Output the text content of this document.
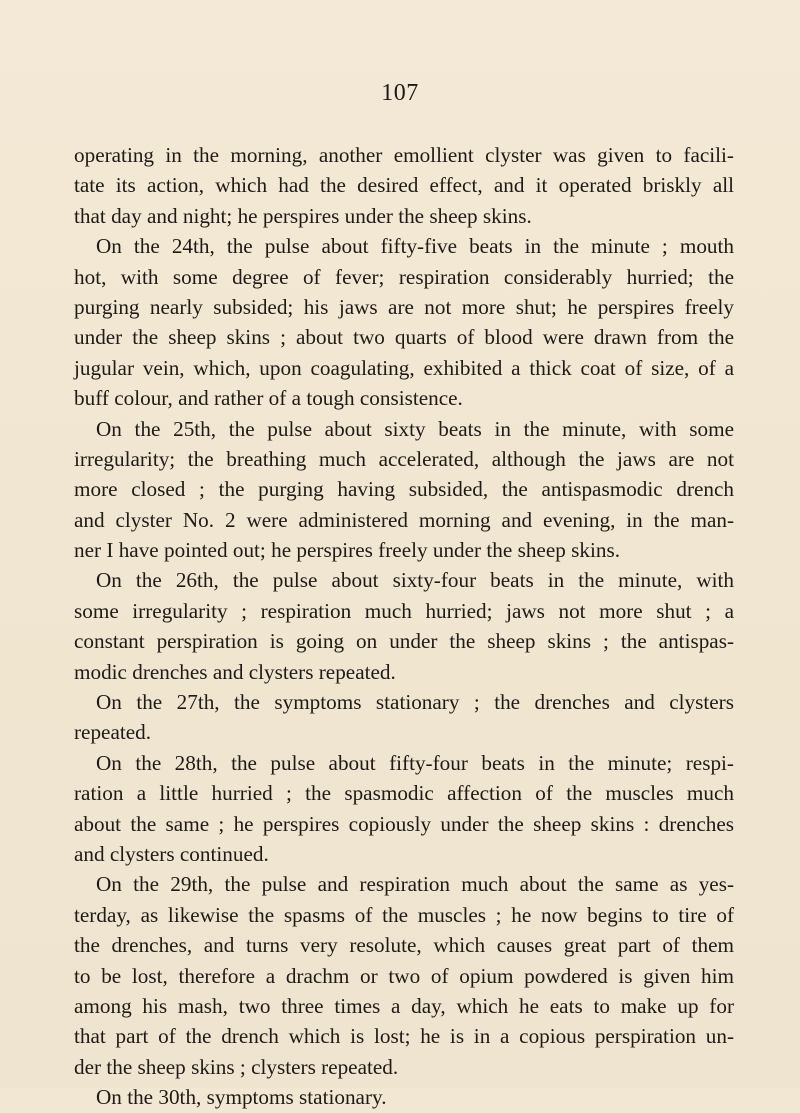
107
operating in the morning, another emollient clyster was given to facili-
tate its action, which had the desired effect, and it operated briskly all
that day and night; he perspires under the sheep skins.
On the 24th, the pulse about fifty-five beats in the minute ; mouth
hot, with some degree of fever; respiration considerably hurried; the
purging nearly subsided; his jaws are not more shut; he perspires freely
under the sheep skins ; about two quarts of blood were drawn from the
jugular vein, which, upon coagulating, exhibited a thick coat of size, of a
buff colour, and rather of a tough consistence.
On the 25th, the pulse about sixty beats in the minute, with some
irregularity; the breathing much accelerated, although the jaws are not
more closed ; the purging having subsided, the antispasmodic drench
and clyster No. 2 were administered morning and evening, in the man-
ner I have pointed out; he perspires freely under the sheep skins.
On the 26th, the pulse about sixty-four beats in the minute, with
some irregularity ; respiration much hurried; jaws not more shut ; a
constant perspiration is going on under the sheep skins ; the antispas-
modic drenches and clysters repeated.
On the 27th, the symptoms stationary ; the drenches and clysters
repeated.
On the 28th, the pulse about fifty-four beats in the minute; respi-
ration a little hurried ; the spasmodic affection of the muscles much
about the same ; he perspires copiously under the sheep skins : drenches
and clysters continued.
On the 29th, the pulse and respiration much about the same as yes-
terday, as likewise the spasms of the muscles ; he now begins to tire of
the drenches, and turns very resolute, which causes great part of them
to be lost, therefore a drachm or two of opium powdered is given him
among his mash, two three times a day, which he eats to make up for
that part of the drench which is lost; he is in a copious perspiration un-
der the sheep skins ; clysters repeated.
On the 30th, symptoms stationary.
